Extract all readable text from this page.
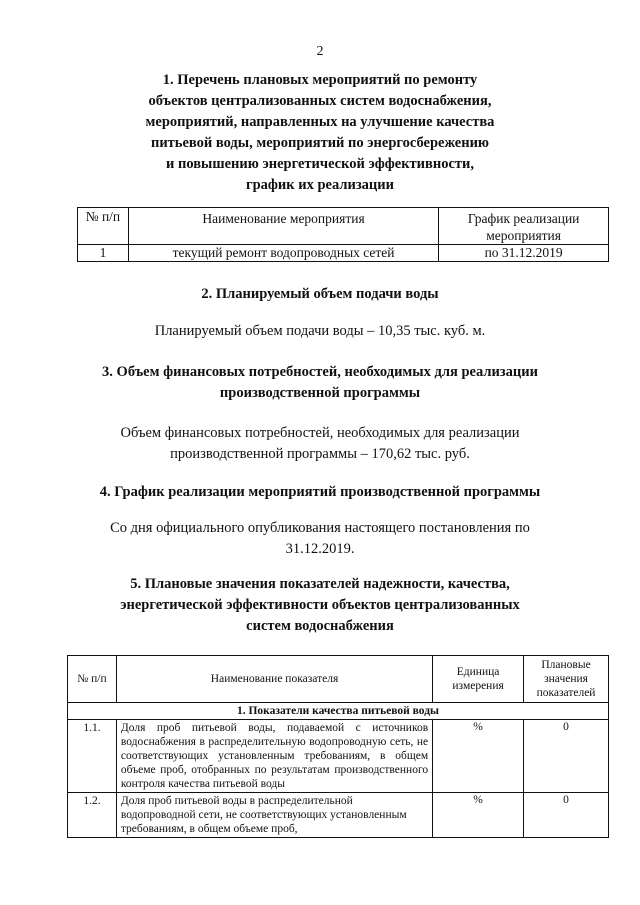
2
1. Перечень плановых мероприятий по ремонту
объектов централизованных систем водоснабжения,
мероприятий, направленных на улучшение качества
питьевой воды, мероприятий по энергосбережению
и повышению энергетической эффективности,
график их реализации
№ п/п	Наименование мероприятия	График реализации мероприятия
1	текущий ремонт водопроводных сетей	по 31.12.2019
2. Планируемый объем подачи воды

Планируемый объем подачи воды – 10,35 тыс. куб. м.

3. Объем финансовых потребностей, необходимых для реализации
производственной программы

Объем финансовых потребностей, необходимых для реализации
производственной программы – 170,62 тыс. руб.

4. График реализации мероприятий производственной программы

Со дня официального опубликования настоящего постановления по
31.12.2019.

5. Плановые значения показателей надежности, качества,
энергетической эффективности объектов централизованных
систем водоснабжения
№ п/п	Наименование показателя	Единица измерения	Плановые значения показателей
1. Показатели качества питьевой воды			
1.1.	Доля проб питьевой воды, подаваемой с источников водоснабжения в распределительную водопроводную сеть, не соответствующих установленным требованиям, в общем объеме проб, отобранных по результатам производственного контроля качества питьевой воды	%	0
1.2.	Доля проб питьевой воды в распределительной водопроводной сети, не соответствующих установленным требованиям, в общем объеме проб,	%	0
